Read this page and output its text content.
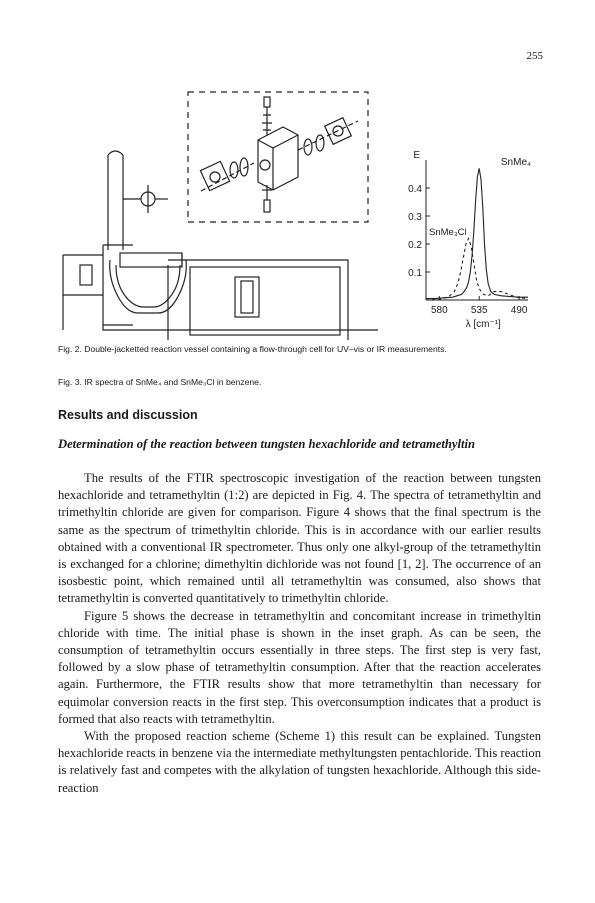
255
0.1
0.2
0.3
0.4
580 535 490
E
λ [cm⁻¹]
SnMe₄
SnMe₃Cl

Fig. 2. Double-jacketted reaction vessel containing a flow-through cell for UV–vis or IR measurements.

Fig. 3. IR spectra of SnMe₄ and SnMe₃Cl in benzene.

Results and discussion
Determination of the reaction between tungsten hexachloride and tetramethyltin

The results of the FTIR spectroscopic investigation of the reaction between tungsten hexachloride and tetramethyltin (1:2) are depicted in Fig. 4. The spectra of tetramethyltin and trimethyltin chloride are given for comparison. Figure 4 shows that the final spectrum is the same as the spectrum of trimethyltin chloride. This is in accordance with our earlier results obtained with a conventional IR spectrometer. Thus only one alkyl-group of the tetramethyltin is exchanged for a chlorine; dimethyltin dichloride was not found [1, 2]. The occurrence of an isosbestic point, which remained until all tetramethyltin was consumed, also shows that tetramethyltin is converted quantitatively to trimethyltin chloride.

Figure 5 shows the decrease in tetramethyltin and concomitant increase in trimethyltin chloride with time. The initial phase is shown in the inset graph. As can be seen, the consumption of tetramethyltin occurs essentially in three steps. The first step is very fast, followed by a slow phase of tetramethyltin consumption. After that the reaction accelerates again. Furthermore, the FTIR results show that more tetramethyltin than necessary for equimolar conversion reacts in the first step. This overconsumption indicates that a product is formed that also reacts with tetramethyltin.

With the proposed reaction scheme (Scheme 1) this result can be explained. Tungsten hexachloride reacts in benzene via the intermediate methyltungsten pentachloride. This reaction is relatively fast and competes with the alkylation of tungsten hexachloride. Although this side-reaction
